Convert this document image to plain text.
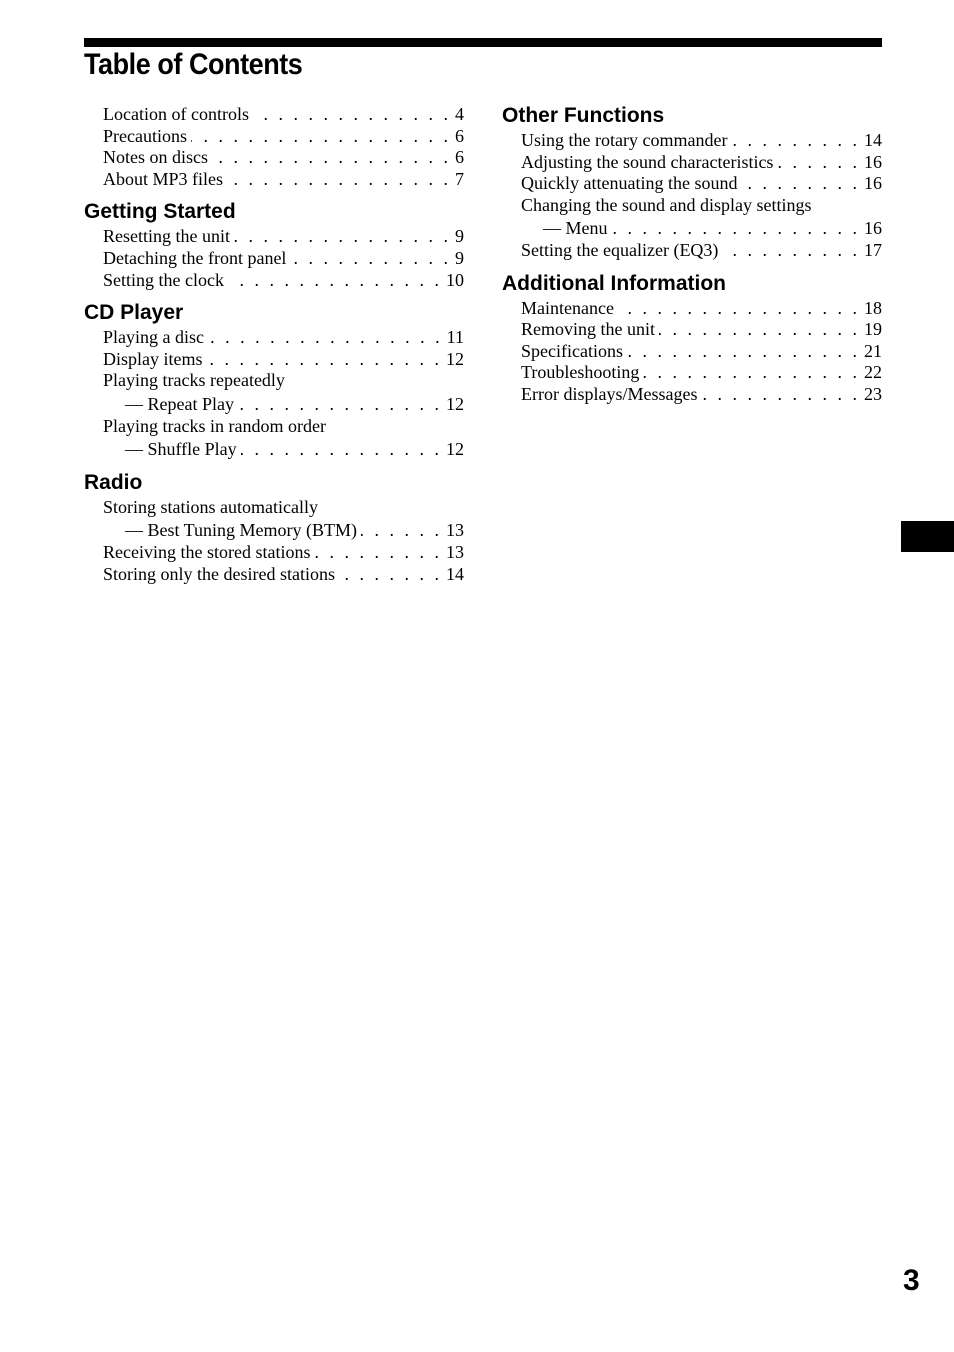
Table of Contents
Location of controls . . .	4
Precautions . . .	6
Notes on discs . . .	6
About MP3 files . . .	7
Getting Started
Resetting the unit . . .	9
Detaching the front panel . . .	9
Setting the clock . . .	10
CD Player
Playing a disc . . .	11
Display items . . .	12
Playing tracks repeatedly
— Repeat Play . . .	12
Playing tracks in random order
— Shuffle Play . . .	12
Radio
Storing stations automatically
— Best Tuning Memory (BTM) . . .	13
Receiving the stored stations . . .	13
Storing only the desired stations . . .	14
Other Functions
Using the rotary commander . . .	14
Adjusting the sound characteristics . . .	16
Quickly attenuating the sound . . .	16
Changing the sound and display settings
— Menu . . .	16
Setting the equalizer (EQ3) . . .	17
Additional Information
Maintenance . . .	18
Removing the unit . . .	19
Specifications . . .	21
Troubleshooting . . .	22
Error displays/Messages . . .	23
3
